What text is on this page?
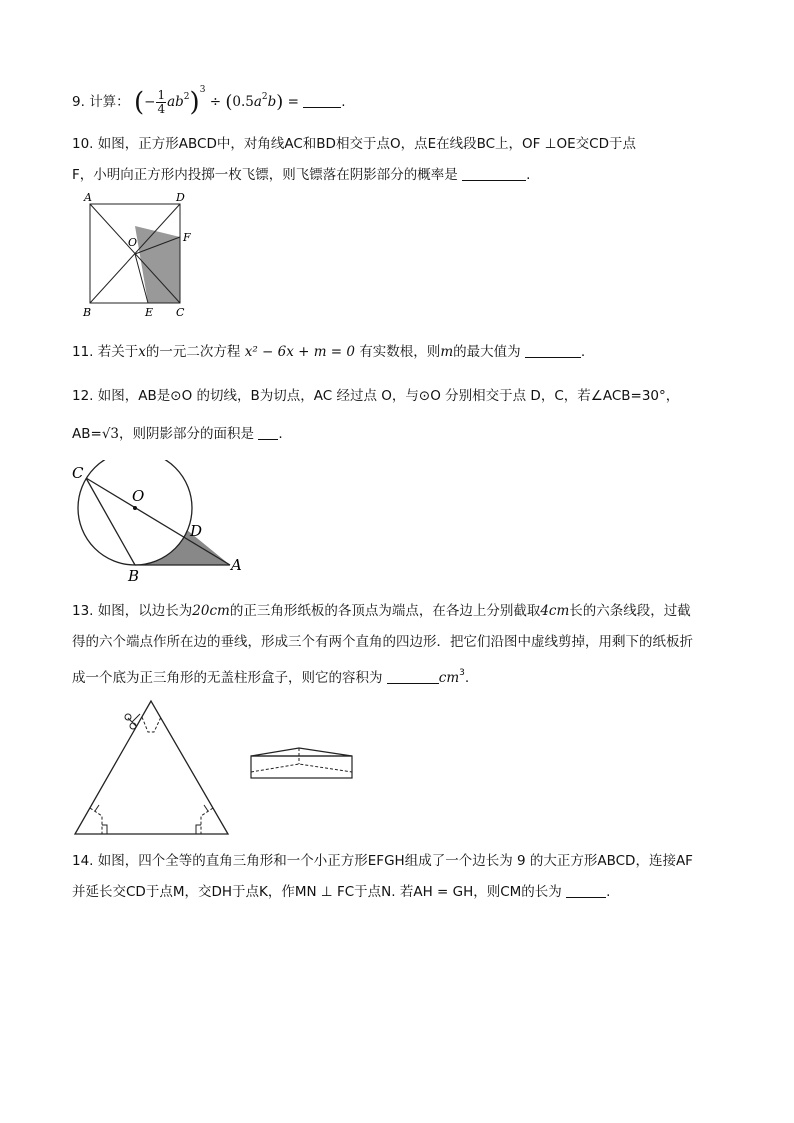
9. 计算： (− $\frac{1}{4} ab^2)^3 \div (0.5a^2b)$ =	.
10. 如图，正方形ABCD中，对角线AC和BD相交于点O，点E在线段BC上，OF ⊥OE交CD于点
F，小明向正方形内投掷一枚飞镖，则飞镖落在阴影部分的概率是	.
A	D
O	F
B	E C
11. 若关于x的一元二次方程 x² − 6x + m = 0 有实数根，则m的最大值为	.
12. 如图，AB是⊙O 的切线，B为切点，AC 经过点 O，与⊙O 分别相交于点 D，C，若∠ACB=30°，
AB=√3，则阴影部分的面积是 .
C
O
D
B
A
13. 如图，以边长为20cm的正三角形纸板的各顶点为端点，在各边上分别截取4cm长的六条线段，过截
得的六个端点作所在边的垂线，形成三个有两个直角的四边形．把它们沿图中虚线剪掉，用剩下的纸板折
成一个底为正三角形的无盖柱形盒子，则它的容积为	$cm^3$.
14. 如图，四个全等的直角三角形和一个小正方形EFGH组成了一个边长为 9 的大正方形ABCD，连接AF
并延长交CD于点M，交DH于点K，作MN ⊥ FC于点N. 若AH = GH，则CM的长为	.
